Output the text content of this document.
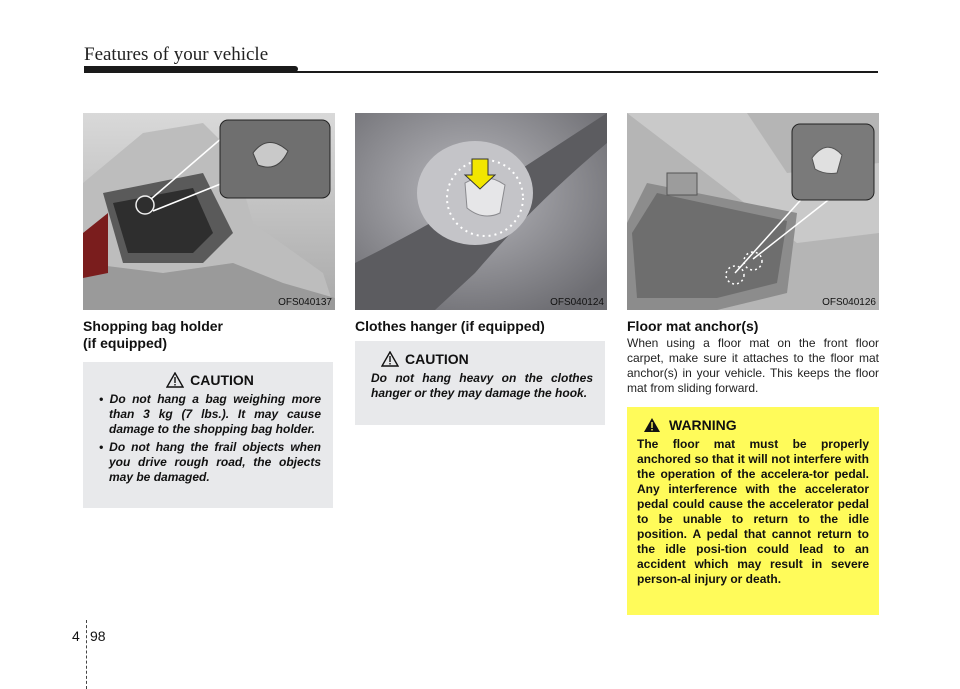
Features of your vehicle
OFS040137	OFS040124	OFS040126
Shopping bag holder
(if equipped)
CAUTION
• Do not hang a bag weighing more than 3 kg (7 lbs.). It may cause damage to the shopping bag holder.
• Do not hang the frail objects when you drive rough road, the objects may be damaged.
Clothes hanger (if equipped)
CAUTION
Do not hang heavy on the clothes hanger or they may damage the hook.
Floor mat anchor(s)
When using a floor mat on the front floor carpet, make sure it attaches to the floor mat anchor(s) in your vehicle. This keeps the floor mat from sliding forward.
WARNING
The floor mat must be properly anchored so that it will not interfere with the operation of the accelera-tor pedal. Any interference with the accelerator pedal could cause the accelerator pedal to be unable to return to the idle position. A pedal that cannot return to the idle posi-tion could lead to an accident which may result in severe person-al injury or death.
4 98
